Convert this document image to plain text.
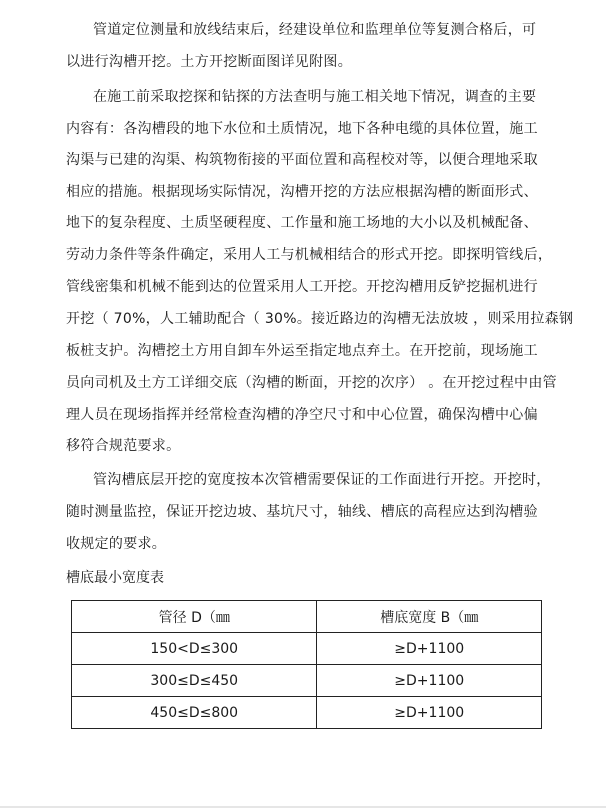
管道定位测量和放线结束后，经建设单位和监理单位等复测合格后，可
以进行沟槽开挖。土方开挖断面图详见附图。
在施工前采取挖探和钻探的方法查明与施工相关地下情况，调查的主要
内容有：各沟槽段的地下水位和土质情况，地下各种电缆的具体位置，施工
沟渠与已建的沟渠、构筑物衔接的平面位置和高程校对等，以便合理地采取
相应的措施。根据现场实际情况，沟槽开挖的方法应根据沟槽的断面形式、
地下的复杂程度、土质坚硬程度、工作量和施工场地的大小以及机械配备、
劳动力条件等条件确定，采用人工与机械相结合的形式开挖。即探明管线后，
管线密集和机械不能到达的位置采用人工开挖。开挖沟槽用反铲挖掘机进行
开挖（ 70%，人工辅助配合（ 30%。接近路边的沟槽无法放坡 ，则采用拉森钢
板桩支护。沟槽挖土方用自卸车外运至指定地点弃土。在开挖前，现场施工
员向司机及土方工详细交底（沟槽的断面，开挖的次序） 。在开挖过程中由管
理人员在现场指挥并经常检查沟槽的净空尺寸和中心位置，确保沟槽中心偏
移符合规范要求。
管沟槽底层开挖的宽度按本次管槽需要保证的工作面进行开挖。开挖时，
随时测量监控，保证开挖边坡、基坑尺寸，轴线、槽底的高程应达到沟槽验
收规定的要求。
槽底最小宽度表
管径 D（㎜	槽底宽度 B（㎜
150<D≤300	≥D+1100
300≤D≤450	≥D+1100
450≤D≤800	≥D+1100
